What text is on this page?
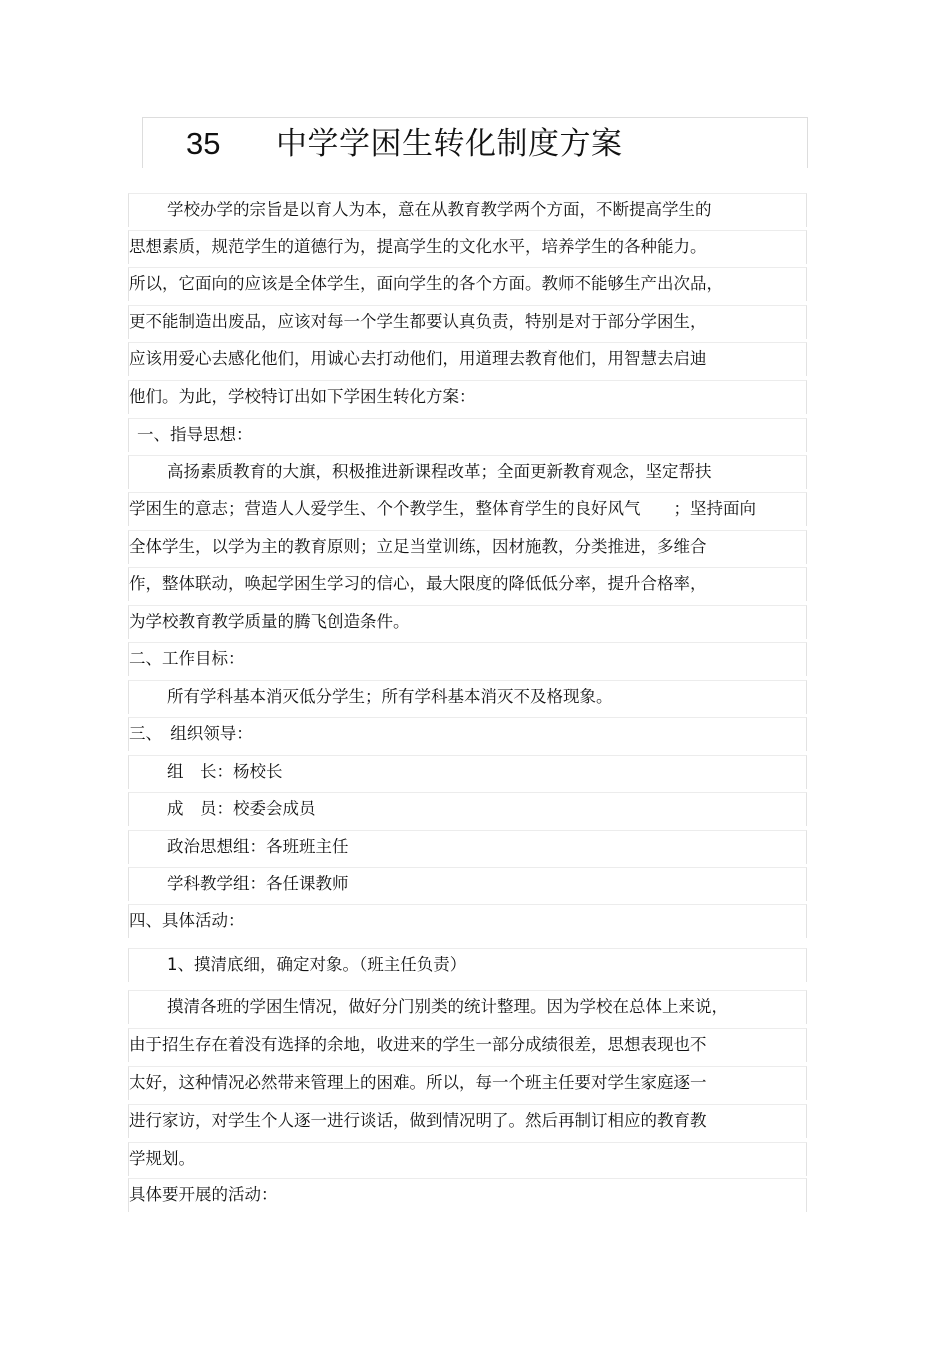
35 中学学困生转化制度方案
学校办学的宗旨是以育人为本，意在从教育教学两个方面，不断提高学生的
思想素质，规范学生的道德行为，提高学生的文化水平，培养学生的各种能力。
所以，它面向的应该是全体学生，面向学生的各个方面。教师不能够生产出次品，
更不能制造出废品，应该对每一个学生都要认真负责，特别是对于部分学困生，
应该用爱心去感化他们，用诚心去打动他们，用道理去教育他们，用智慧去启迪
他们。为此，学校特订出如下学困生转化方案：
一、指导思想：
高扬素质教育的大旗，积极推进新课程改革；全面更新教育观念，坚定帮扶
学困生的意志；营造人人爱学生、个个教学生，整体育学生的良好风气　　；坚持面向
全体学生，以学为主的教育原则；立足当堂训练，因材施教，分类推进，多维合
作，整体联动，唤起学困生学习的信心，最大限度的降低低分率，提升合格率，
为学校教育教学质量的腾飞创造条件。
二、工作目标：
所有学科基本消灭低分学生；所有学科基本消灭不及格现象。
三、　组织领导：
组　长：杨校长
成　员：校委会成员
政治思想组：各班班主任
学科教学组：各任课教师
四、具体活动：
1、摸清底细，确定对象。（班主任负责）
摸清各班的学困生情况，做好分门别类的统计整理。因为学校在总体上来说，
由于招生存在着没有选择的余地，收进来的学生一部分成绩很差，思想表现也不
太好，这种情况必然带来管理上的困难。所以，每一个班主任要对学生家庭逐一
进行家访，对学生个人逐一进行谈话，做到情况明了。然后再制订相应的教育教
学规划。
具体要开展的活动：
